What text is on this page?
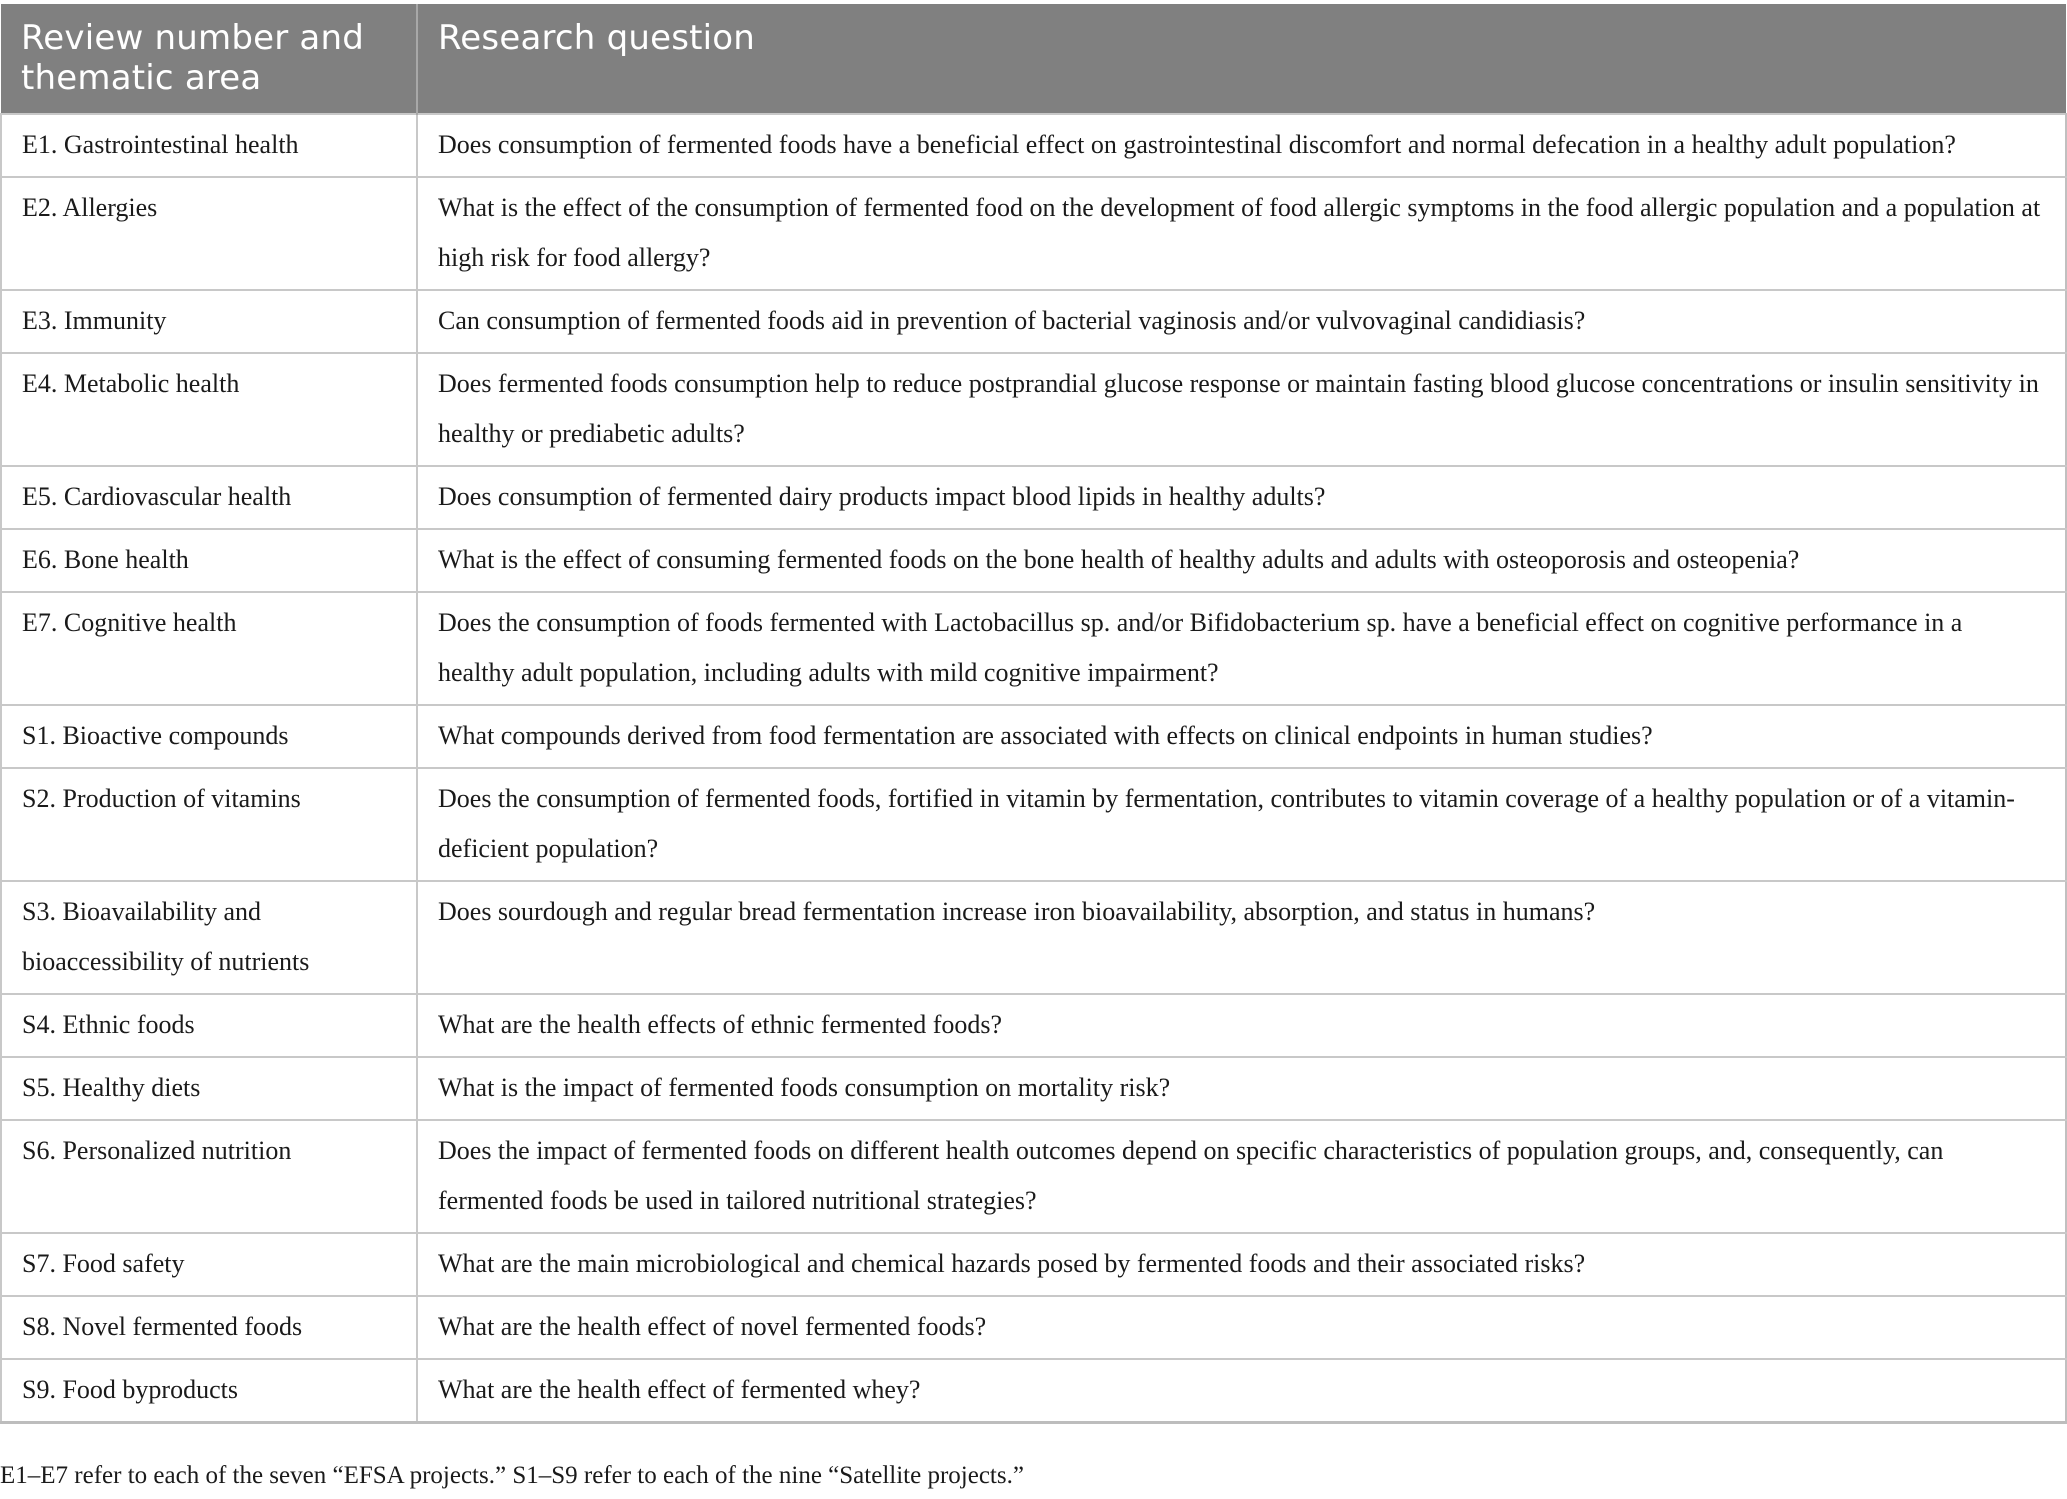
Review number and thematic area	Research question
E1. Gastrointestinal health	Does consumption of fermented foods have a beneficial effect on gastrointestinal discomfort and normal defecation in a healthy adult population?
E2. Allergies	What is the effect of the consumption of fermented food on the development of food allergic symptoms in the food allergic population and a population at high risk for food allergy?
E3. Immunity	Can consumption of fermented foods aid in prevention of bacterial vaginosis and/or vulvovaginal candidiasis?
E4. Metabolic health	Does fermented foods consumption help to reduce postprandial glucose response or maintain fasting blood glucose concentrations or insulin sensitivity in healthy or prediabetic adults?
E5. Cardiovascular health	Does consumption of fermented dairy products impact blood lipids in healthy adults?
E6. Bone health	What is the effect of consuming fermented foods on the bone health of healthy adults and adults with osteoporosis and osteopenia?
E7. Cognitive health	Does the consumption of foods fermented with Lactobacillus sp. and/or Bifidobacterium sp. have a beneficial effect on cognitive performance in a healthy adult population, including adults with mild cognitive impairment?
S1. Bioactive compounds	What compounds derived from food fermentation are associated with effects on clinical endpoints in human studies?
S2. Production of vitamins	Does the consumption of fermented foods, fortified in vitamin by fermentation, contributes to vitamin coverage of a healthy population or of a vitamin-deficient population?
S3. Bioavailability and bioaccessibility of nutrients	Does sourdough and regular bread fermentation increase iron bioavailability, absorption, and status in humans?
S4. Ethnic foods	What are the health effects of ethnic fermented foods?
S5. Healthy diets	What is the impact of fermented foods consumption on mortality risk?
S6. Personalized nutrition	Does the impact of fermented foods on different health outcomes depend on specific characteristics of population groups, and, consequently, can fermented foods be used in tailored nutritional strategies?
S7. Food safety	What are the main microbiological and chemical hazards posed by fermented foods and their associated risks?
S8. Novel fermented foods	What are the health effect of novel fermented foods?
S9. Food byproducts	What are the health effect of fermented whey?
E1–E7 refer to each of the seven “EFSA projects.” S1–S9 refer to each of the nine “Satellite projects.”
